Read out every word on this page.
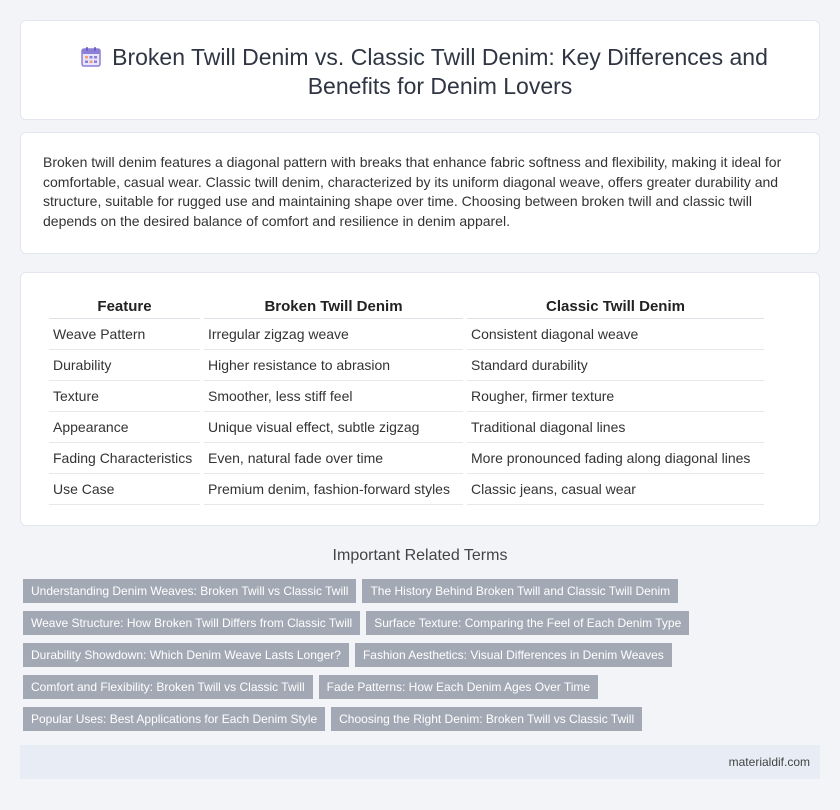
Broken Twill Denim vs. Classic Twill Denim: Key Differences and Benefits for Denim Lovers

Broken twill denim features a diagonal pattern with breaks that enhance fabric softness and flexibility, making it ideal for comfortable, casual wear. Classic twill denim, characterized by its uniform diagonal weave, offers greater durability and structure, suitable for rugged use and maintaining shape over time. Choosing between broken twill and classic twill depends on the desired balance of comfort and resilience in denim apparel.

Feature	Broken Twill Denim	Classic Twill Denim
Weave Pattern	Irregular zigzag weave	Consistent diagonal weave
Durability	Higher resistance to abrasion	Standard durability
Texture	Smoother, less stiff feel	Rougher, firmer texture
Appearance	Unique visual effect, subtle zigzag	Traditional diagonal lines
Fading Characteristics	Even, natural fade over time	More pronounced fading along diagonal lines
Use Case	Premium denim, fashion-forward styles	Classic jeans, casual wear
Important Related Terms
Understanding Denim Weaves: Broken Twill vs Classic Twill	The History Behind Broken Twill and Classic Twill Denim
Weave Structure: How Broken Twill Differs from Classic Twill	Surface Texture: Comparing the Feel of Each Denim Type
Durability Showdown: Which Denim Weave Lasts Longer?	Fashion Aesthetics: Visual Differences in Denim Weaves
Comfort and Flexibility: Broken Twill vs Classic Twill	Fade Patterns: How Each Denim Ages Over Time
Popular Uses: Best Applications for Each Denim Style	Choosing the Right Denim: Broken Twill vs Classic Twill
materialdif.com
